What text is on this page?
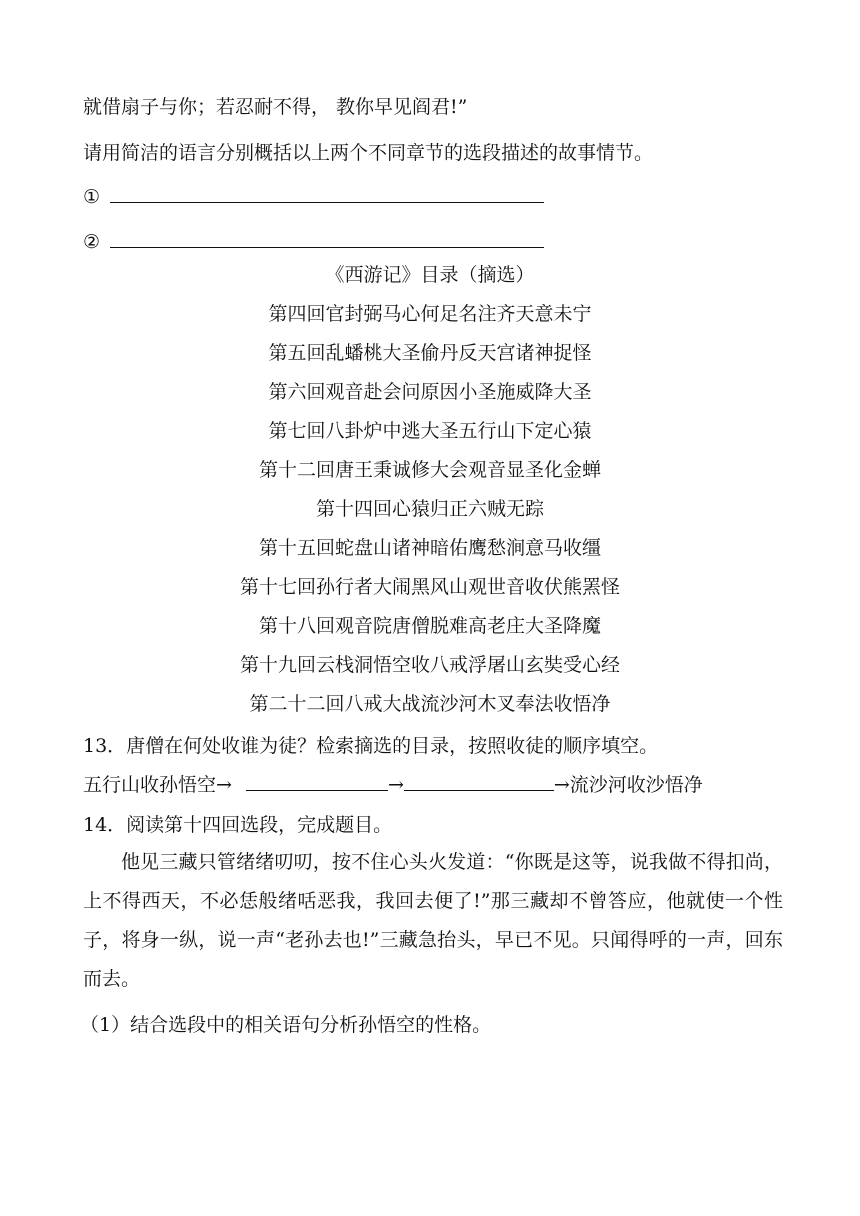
就借扇子与你；若忍耐不得， 教你早见阎君!”
请用简洁的语言分别概括以上两个不同章节的选段描述的故事情节。
①
②
《西游记》目录（摘选）
第四回官封弼马心何足名注齐天意未宁
第五回乱蟠桃大圣偷丹反天宫诸神捉怪
第六回观音赴会问原因小圣施威降大圣
第七回八卦炉中逃大圣五行山下定心猿
第十二回唐王秉诚修大会观音显圣化金蝉
第十四回心猿归正六贼无踪
第十五回蛇盘山诸神暗佑鹰愁涧意马收缰
第十七回孙行者大闹黑风山观世音收伏熊罴怪
第十八回观音院唐僧脱难高老庄大圣降魔
第十九回云栈洞悟空收八戒浮屠山玄奘受心经
第二十二回八戒大战流沙河木叉奉法收悟净
13．唐僧在何处收谁为徒？检索摘选的目录，按照收徒的顺序填空。
五行山收孙悟空→	→	→流沙河收沙悟净
14．阅读第十四回选段，完成题目。
他见三藏只管绪绪叨叨，按不住心头火发道：“你既是这等，说我做不得扣尚，上不得西天，不必恁般绪咶恶我，我回去便了!”那三藏却不曾答应，他就使一个性子，将身一纵，说一声“老孙去也!”三藏急抬头，早已不见。只闻得呼的一声，回东而去。
（1）结合选段中的相关语句分析孙悟空的性格。
